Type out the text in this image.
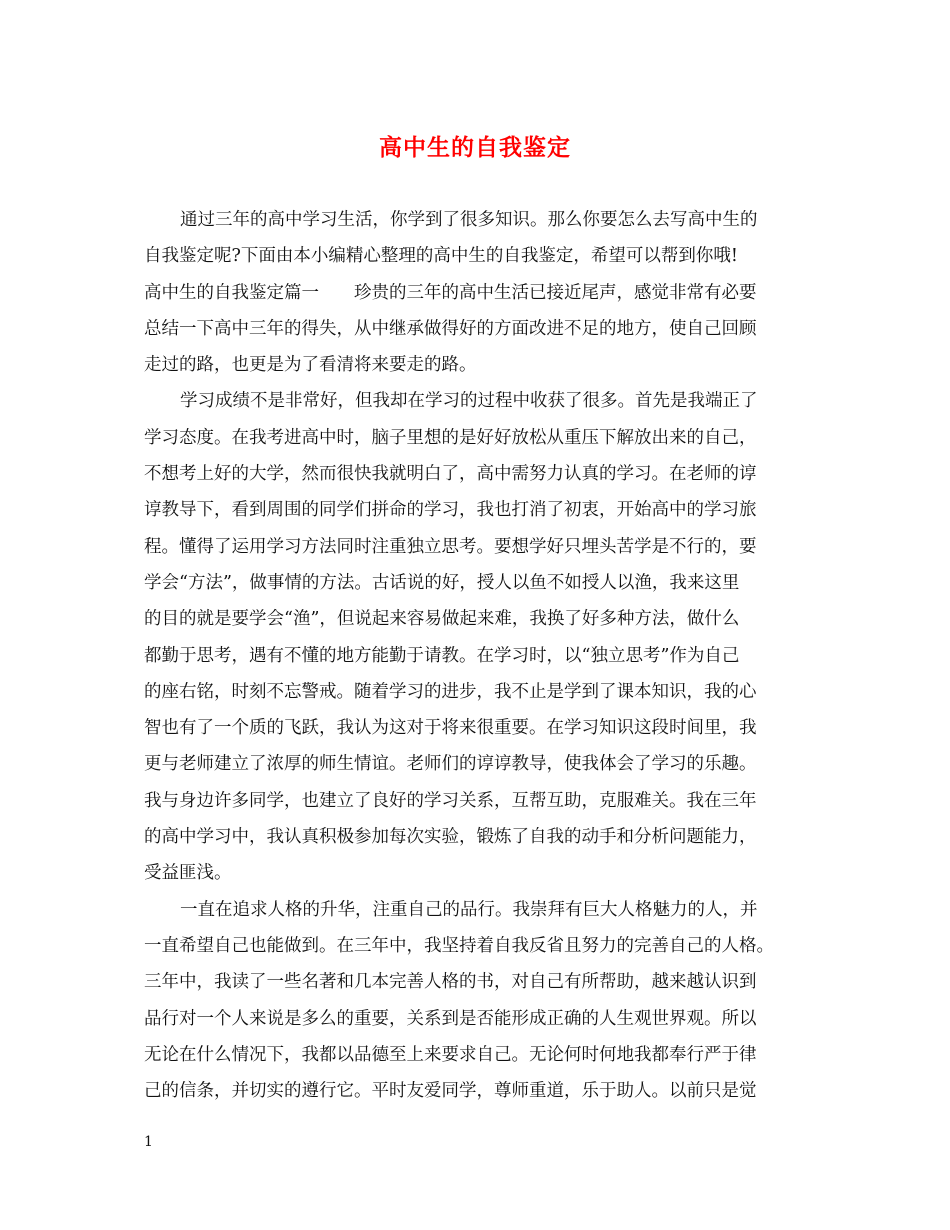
高中生的自我鉴定
通过三年的高中学习生活，你学到了很多知识。那么你要怎么去写高中生的
自我鉴定呢?下面由本小编精心整理的高中生的自我鉴定，希望可以帮到你哦!
高中生的自我鉴定篇一　　珍贵的三年的高中生活已接近尾声，感觉非常有必要
总结一下高中三年的得失，从中继承做得好的方面改进不足的地方，使自己回顾
走过的路，也更是为了看清将来要走的路。
学习成绩不是非常好，但我却在学习的过程中收获了很多。首先是我端正了
学习态度。在我考进高中时，脑子里想的是好好放松从重压下解放出来的自己，
不想考上好的大学，然而很快我就明白了，高中需努力认真的学习。在老师的谆
谆教导下，看到周围的同学们拼命的学习，我也打消了初衷，开始高中的学习旅
程。懂得了运用学习方法同时注重独立思考。要想学好只埋头苦学是不行的，要
学会“方法”，做事情的方法。古话说的好，授人以鱼不如授人以渔，我来这里
的目的就是要学会“渔”，但说起来容易做起来难，我换了好多种方法，做什么
都勤于思考，遇有不懂的地方能勤于请教。在学习时，以“独立思考”作为自己
的座右铭，时刻不忘警戒。随着学习的进步，我不止是学到了课本知识，我的心
智也有了一个质的飞跃，我认为这对于将来很重要。在学习知识这段时间里，我
更与老师建立了浓厚的师生情谊。老师们的谆谆教导，使我体会了学习的乐趣。
我与身边许多同学，也建立了良好的学习关系，互帮互助，克服难关。我在三年
的高中学习中，我认真积极参加每次实验，锻炼了自我的动手和分析问题能力，
受益匪浅。
一直在追求人格的升华，注重自己的品行。我崇拜有巨大人格魅力的人，并
一直希望自己也能做到。在三年中，我坚持着自我反省且努力的完善自己的人格。
三年中，我读了一些名著和几本完善人格的书，对自己有所帮助，越来越认识到
品行对一个人来说是多么的重要，关系到是否能形成正确的人生观世界观。所以
无论在什么情况下，我都以品德至上来要求自己。无论何时何地我都奉行严于律
己的信条，并切实的遵行它。平时友爱同学，尊师重道，乐于助人。以前只是觉
1
